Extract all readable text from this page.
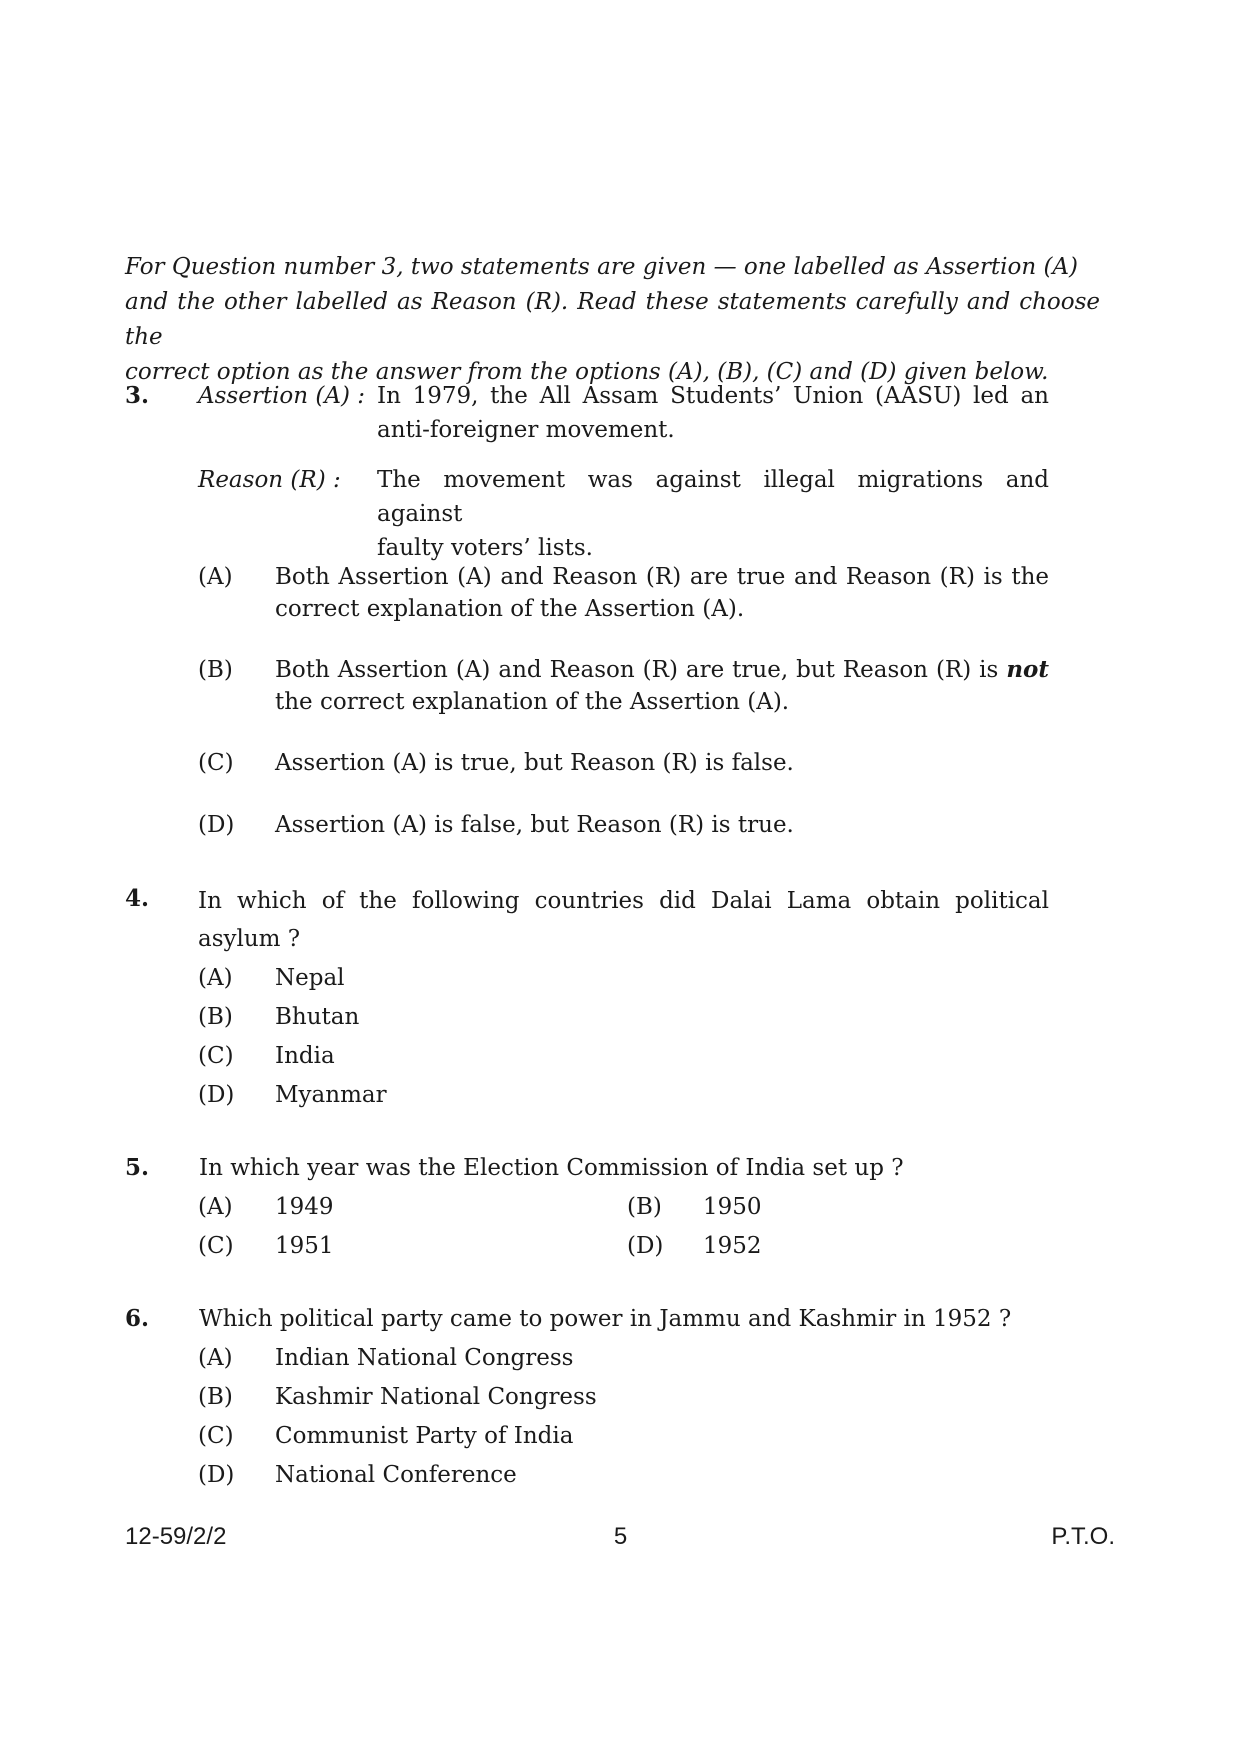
For Question number 3, two statements are given — one labelled as Assertion (A)

and the other labelled as Reason (R). Read these statements carefully and choose the

correct option as the answer from the options (A), (B), (C) and (D) given below.

3. Assertion (A) : In 1979, the All Assam Students’ Union (AASU) led an
anti-foreigner movement.
Reason (R) : The movement was against illegal migrations and against
faulty voters’ lists.
(A) Both Assertion (A) and Reason (R) are true and Reason (R) is the
correct explanation of the Assertion (A).
(B) Both Assertion (A) and Reason (R) are true, but Reason (R) is not
the correct explanation of the Assertion (A).
(C) Assertion (A) is true, but Reason (R) is false.
(D) Assertion (A) is false, but Reason (R) is true.
4. In which of the following countries did Dalai Lama obtain political
asylum ?
(A) Nepal
(B) Bhutan
(C) India
(D) Myanmar
5. In which year was the Election Commission of India set up ?
(A) 1949	(B) 1950
(C) 1951	(D) 1952
6. Which political party came to power in Jammu and Kashmir in 1952 ?
(A) Indian National Congress
(B) Kashmir National Congress
(C) Communist Party of India
(D) National Conference
12-59/2/2	5	P.T.O.
